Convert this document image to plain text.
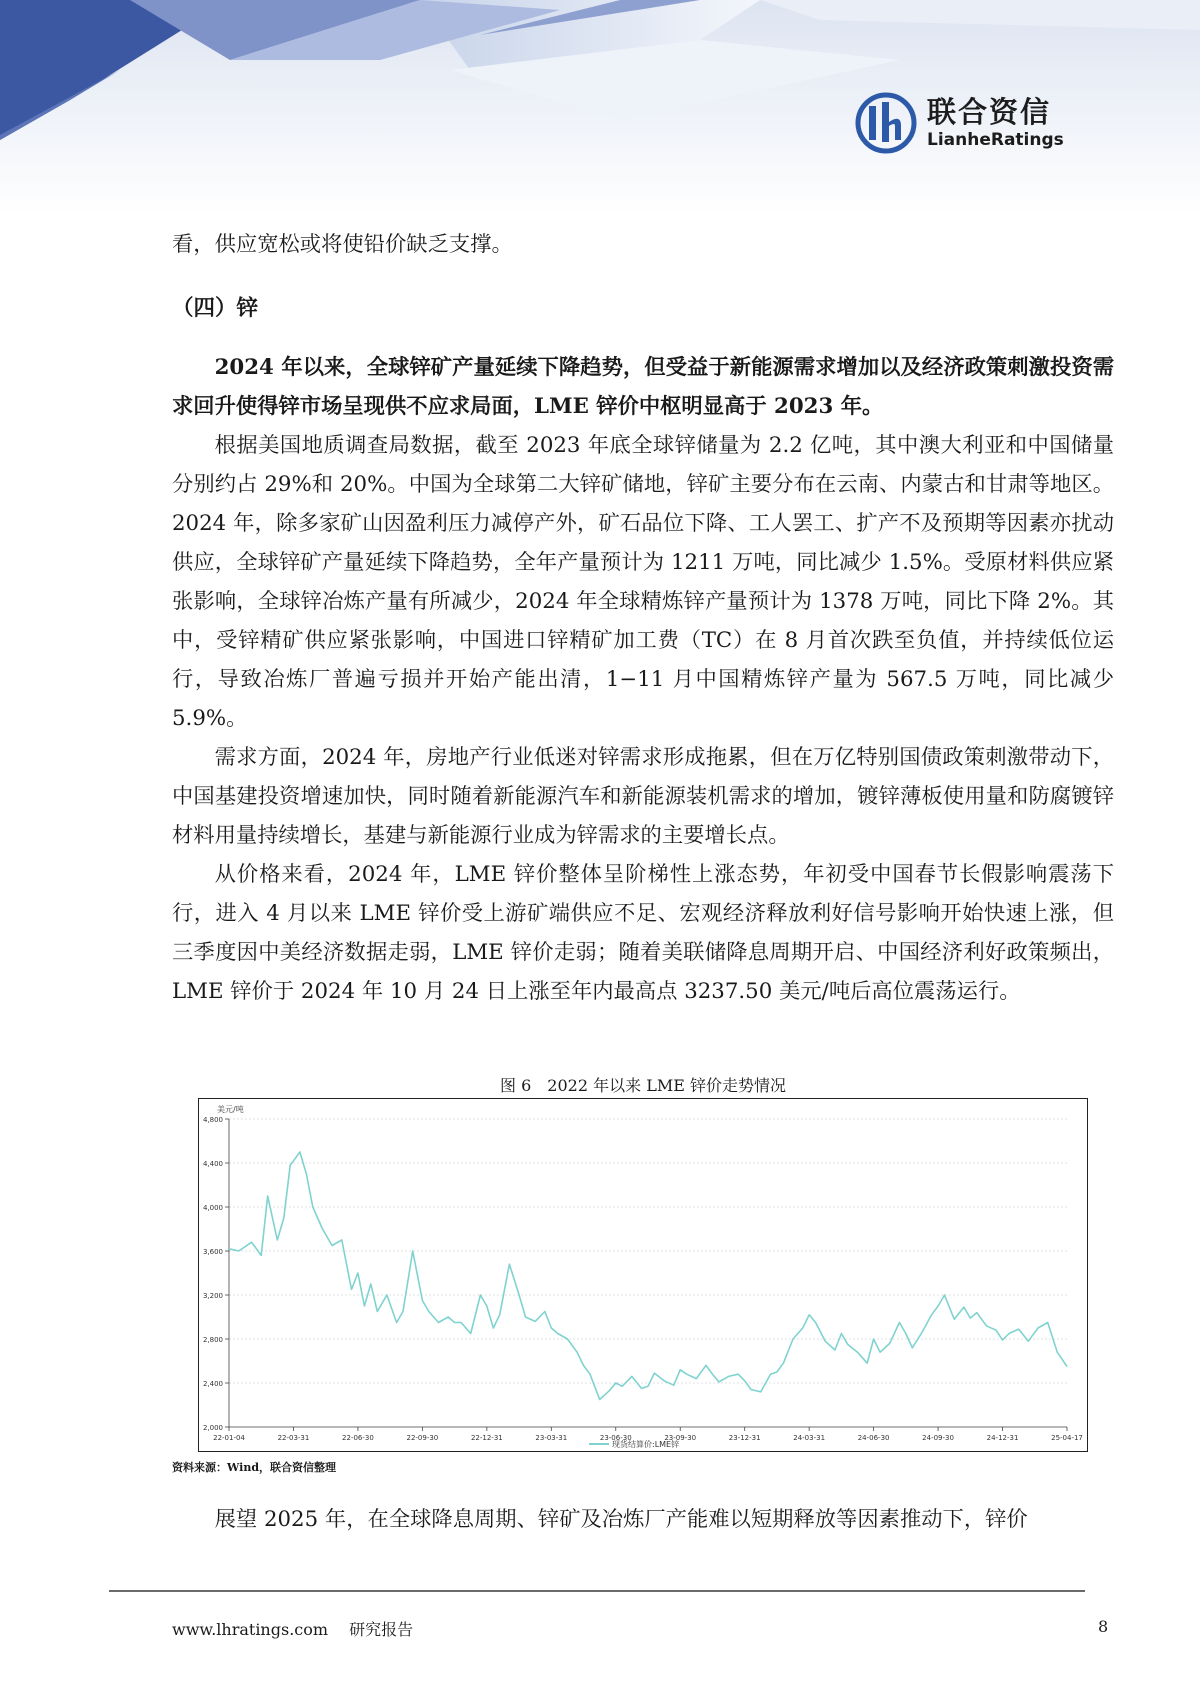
联合资信
LianheRatings

看，供应宽松或将使铅价缺乏支撑。

（四）锌

2024 年以来，全球锌矿产量延续下降趋势，但受益于新能源需求增加以及经济政策刺激投资需求回升使得锌市场呈现供不应求局面，LME 锌价中枢明显高于 2023 年。

根据美国地质调查局数据，截至 2023 年底全球锌储量为 2.2 亿吨，其中澳大利亚和中国储量分别约占 29%和 20%。中国为全球第二大锌矿储地，锌矿主要分布在云南、内蒙古和甘肃等地区。2024 年，除多家矿山因盈利压力减停产外，矿石品位下降、工人罢工、扩产不及预期等因素亦扰动供应，全球锌矿产量延续下降趋势，全年产量预计为 1211 万吨，同比减少 1.5%。受原材料供应紧张影响，全球锌冶炼产量有所减少，2024 年全球精炼锌产量预计为 1378 万吨，同比下降 2%。其中，受锌精矿供应紧张影响，中国进口锌精矿加工费（TC）在 8 月首次跌至负值，并持续低位运行，导致冶炼厂普遍亏损并开始产能出清，1−11 月中国精炼锌产量为 567.5 万吨，同比减少 5.9%。

需求方面，2024 年，房地产行业低迷对锌需求形成拖累，但在万亿特别国债政策刺激带动下，中国基建投资增速加快，同时随着新能源汽车和新能源装机需求的增加，镀锌薄板使用量和防腐镀锌材料用量持续增长，基建与新能源行业成为锌需求的主要增长点。

从价格来看，2024 年，LME 锌价整体呈阶梯性上涨态势，年初受中国春节长假影响震荡下行，进入 4 月以来 LME 锌价受上游矿端供应不足、宏观经济释放利好信号影响开始快速上涨，但三季度因中美经济数据走弱，LME 锌价走弱；随着美联储降息周期开启、中国经济利好政策频出，LME 锌价于 2024 年 10 月 24 日上涨至年内最高点 3237.50 美元/吨后高位震荡运行。

图 6　2022 年以来 LME 锌价走势情况
2,000
2,400
2,800
3,200
3,600
4,000
4,400
4,800
22-01-04	22-03-31	22-06-30	22-09-30	22-12-31	23-03-31	23-06-30	23-09-30	23-12-31	24-03-31	24-06-30	24-09-30	24-12-31	25-04-17
美元/吨
现货结算价:LME锌
资料来源：Wind，联合资信整理

展望 2025 年，在全球降息周期、锌矿及冶炼厂产能难以短期释放等因素推动下，锌价

www.lhratings.com 研究报告	8
